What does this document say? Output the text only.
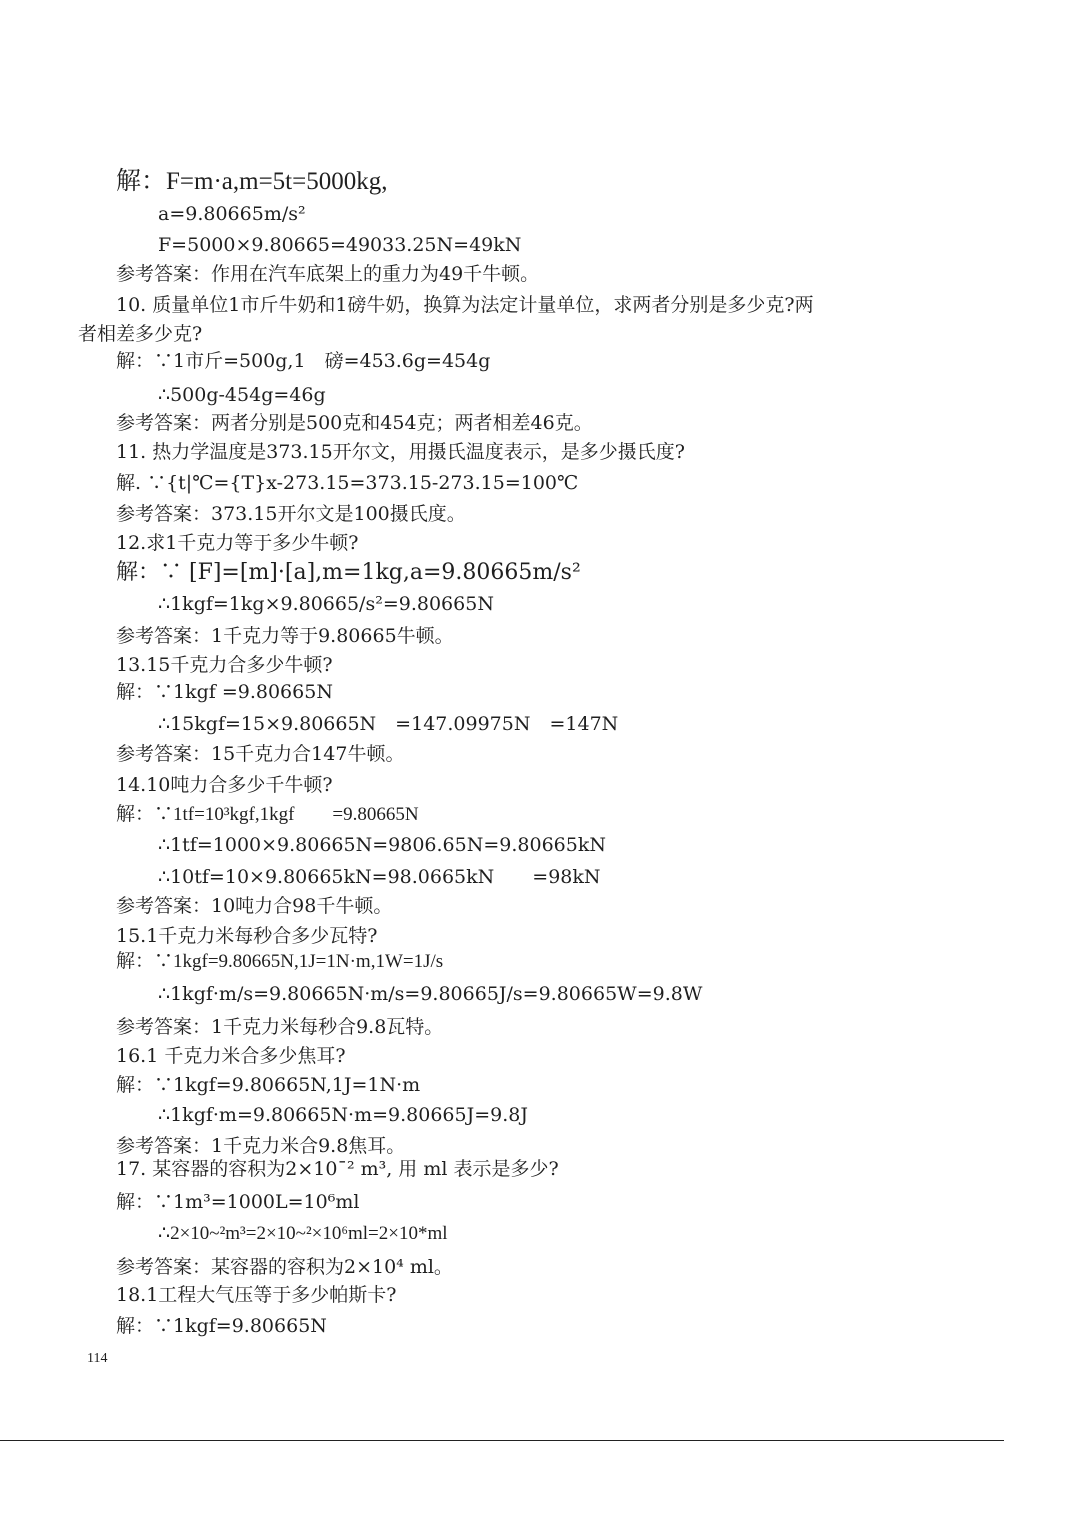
解：F=m·a,m=5t=5000kg,
a=9.80665m/s²
F=5000×9.80665=49033.25N=49kN
参考答案：作用在汽车底架上的重力为49千牛顿。
10. 质量单位1市斤牛奶和1磅牛奶，换算为法定计量单位，求两者分别是多少克?两
者相差多少克?
解：∵1市斤=500g,1　磅=453.6g=454g
∴500g-454g=46g
参考答案：两者分别是500克和454克；两者相差46克。
11. 热力学温度是373.15开尔文，用摄氏温度表示，是多少摄氏度?
解. ∵{t|℃={T}x-273.15=373.15-273.15=100℃
参考答案：373.15开尔文是100摄氏度。
12.求1千克力等于多少牛顿?
解：∵ [F]=[m]·[a],m=1kg,a=9.80665m/s²
∴1kgf=1kg×9.80665/s²=9.80665N
参考答案：1千克力等于9.80665牛顿。
13.15千克力合多少牛顿?
解：∵1kgf =9.80665N
∴15kgf=15×9.80665N　=147.09975N　=147N
参考答案：15千克力合147牛顿。
14.10吨力合多少千牛顿?
解：∵1tf=10³kgf,1kgf　　=9.80665N
∴1tf=1000×9.80665N=9806.65N=9.80665kN
∴10tf=10×9.80665kN=98.0665kN　　=98kN
参考答案：10吨力合98千牛顿。
15.1千克力米每秒合多少瓦特?
解：∵1kgf=9.80665N,1J=1N·m,1W=1J/s
∴1kgf·m/s=9.80665N·m/s=9.80665J/s=9.80665W=9.8W
参考答案：1千克力米每秒合9.8瓦特。
16.1 千克力米合多少焦耳?
解：∵1kgf=9.80665N,1J=1N·m
∴1kgf·m=9.80665N·m=9.80665J=9.8J
参考答案：1千克力米合9.8焦耳。
17. 某容器的容积为2×10ˉ² m³, 用 ml 表示是多少?
解：∵1m³=1000L=10⁶ml
∴2×10~²m³=2×10~²×10⁶ml=2×10*ml
参考答案：某容器的容积为2×10⁴ ml。
18.1工程大气压等于多少帕斯卡?
解：∵1kgf=9.80665N
114
